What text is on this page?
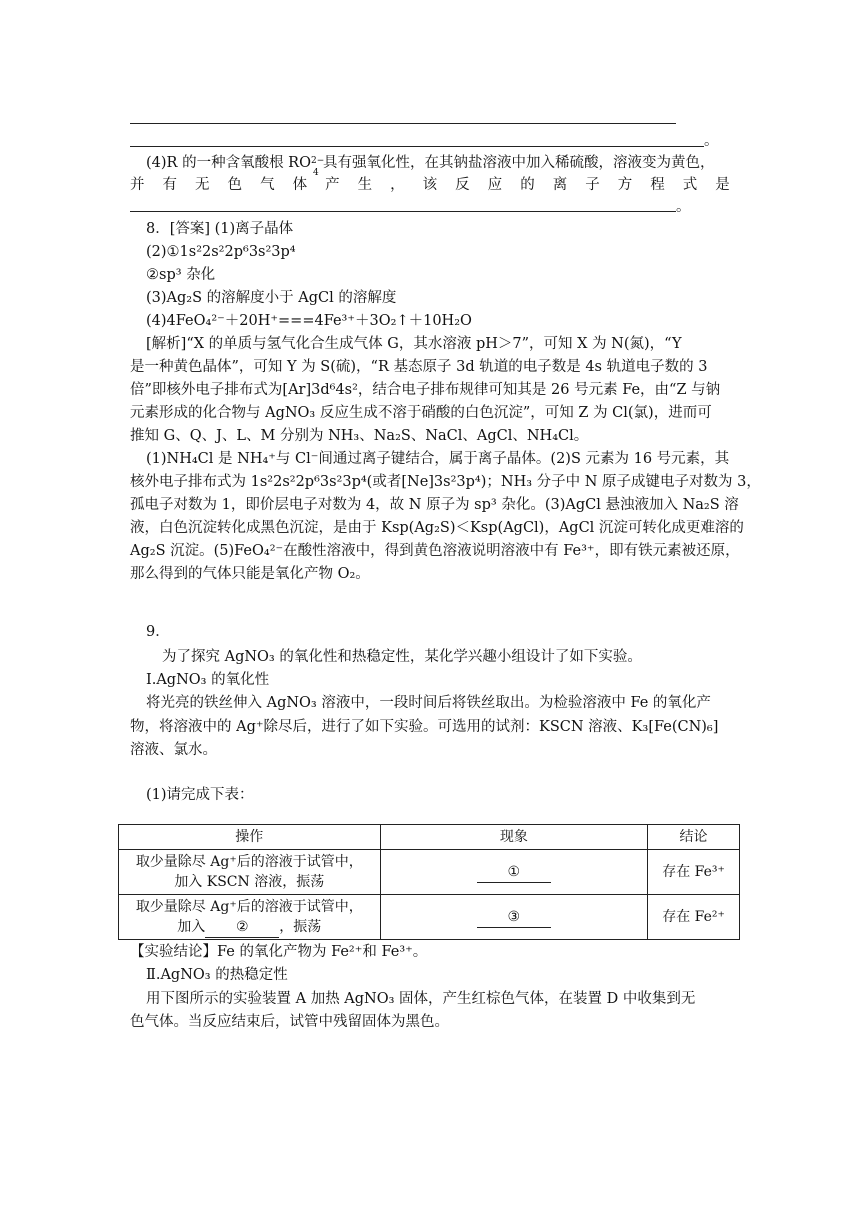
。
(4)R 的一种含氧酸根 RO 2−
4
具有强氧化性，在其钠盐溶液中加入稀硫酸，溶液变为黄色，
并 有 无 色 气 体 产 生 ， 该 反 应 的 离 子 方 程 式 是
。
8．[答案] (1)离子晶体
(2)①1s²2s²2p⁶3s²3p⁴
②sp³ 杂化
(3)Ag₂S 的溶解度小于 AgCl 的溶解度
(4)4FeO₄²⁻＋20H⁺===4Fe³⁺＋3O₂↑＋10H₂O
[解析]“X 的单质与氢气化合生成气体 G，其水溶液 pH＞7”，可知 X 为 N(氮)，“Y
是一种黄色晶体”，可知 Y 为 S(硫)，“R 基态原子 3d 轨道的电子数是 4s 轨道电子数的 3
倍”即核外电子排布式为[Ar]3d⁶4s²，结合电子排布规律可知其是 26 号元素 Fe，由“Z 与钠
元素形成的化合物与 AgNO₃ 反应生成不溶于硝酸的白色沉淀”，可知 Z 为 Cl(氯)，进而可
推知 G、Q、J、L、M 分别为 NH₃、Na₂S、NaCl、AgCl、NH₄Cl。
(1)NH₄Cl 是 NH₄⁺与 Cl⁻间通过离子键结合，属于离子晶体。(2)S 元素为 16 号元素，其
核外电子排布式为 1s²2s²2p⁶3s²3p⁴(或者[Ne]3s²3p⁴)；NH₃ 分子中 N 原子成键电子对数为 3，
孤电子对数为 1，即价层电子对数为 4，故 N 原子为 sp³ 杂化。(3)AgCl 悬浊液加入 Na₂S 溶
液，白色沉淀转化成黑色沉淀，是由于 Ksp(Ag₂S)＜Ksp(AgCl)，AgCl 沉淀可转化成更难溶的
Ag₂S 沉淀。(5)FeO₄²⁻在酸性溶液中，得到黄色溶液说明溶液中有 Fe³⁺，即有铁元素被还原，
那么得到的气体只能是氧化产物 O₂。
9．
为了探究 AgNO₃ 的氧化性和热稳定性，某化学兴趣小组设计了如下实验。
Ⅰ.AgNO₃ 的氧化性
将光亮的铁丝伸入 AgNO₃ 溶液中，一段时间后将铁丝取出。为检验溶液中 Fe 的氧化产
物，将溶液中的 Ag⁺除尽后，进行了如下实验。可选用的试剂：KSCN 溶液、K₃[Fe(CN)₆]
溶液、氯水。
(1)请完成下表：
操作	现象	结论

取少量除尽 Ag⁺后的溶液于试管中，
加入 KSCN 溶液，振荡	①	存在 Fe³⁺

取少量除尽 Ag⁺后的溶液于试管中，
加入 ② ，振荡	③	存在 Fe²⁺
【实验结论】Fe 的氧化产物为 Fe²⁺和 Fe³⁺。
Ⅱ.AgNO₃ 的热稳定性
用下图所示的实验装置 A 加热 AgNO₃ 固体，产生红棕色气体，在装置 D 中收集到无
色气体。当反应结束后，试管中残留固体为黑色。
